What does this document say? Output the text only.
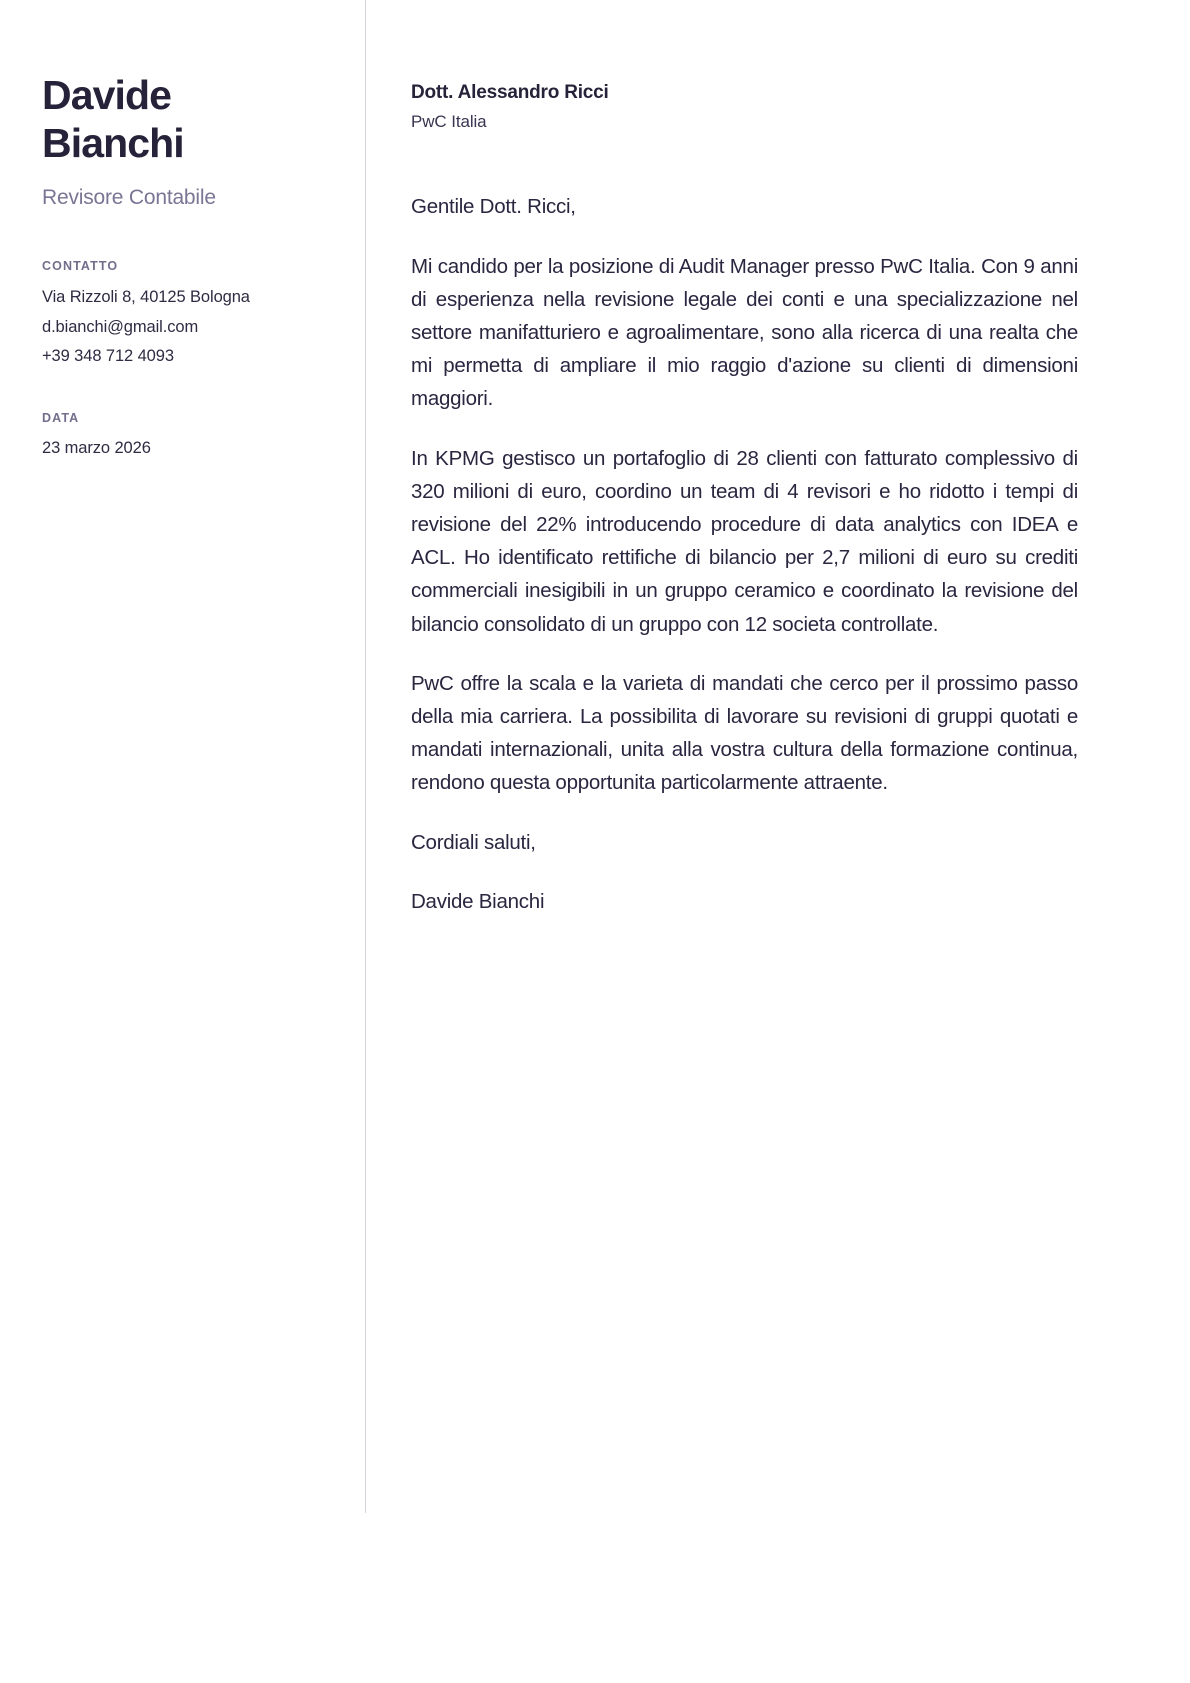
Davide
Bianchi
Revisore Contabile
CONTATTO
Via Rizzoli 8, 40125 Bologna
d.bianchi@gmail.com
+39 348 712 4093
DATA
23 marzo 2026
Dott. Alessandro Ricci
PwC Italia

Gentile Dott. Ricci,

Mi candido per la posizione di Audit Manager presso PwC Italia. Con 9 anni di esperienza nella revisione legale dei conti e una specializzazione nel settore manifatturiero e agroalimentare, sono alla ricerca di una realta che mi permetta di ampliare il mio raggio d'azione su clienti di dimensioni maggiori.

In KPMG gestisco un portafoglio di 28 clienti con fatturato complessivo di 320 milioni di euro, coordino un team di 4 revisori e ho ridotto i tempi di revisione del 22% introducendo procedure di data analytics con IDEA e ACL. Ho identificato rettifiche di bilancio per 2,7 milioni di euro su crediti commerciali inesigibili in un gruppo ceramico e coordinato la revisione del bilancio consolidato di un gruppo con 12 societa controllate.

PwC offre la scala e la varieta di mandati che cerco per il prossimo passo della mia carriera. La possibilita di lavorare su revisioni di gruppi quotati e mandati internazionali, unita alla vostra cultura della formazione continua, rendono questa opportunita particolarmente attraente.

Cordiali saluti,

Davide Bianchi
